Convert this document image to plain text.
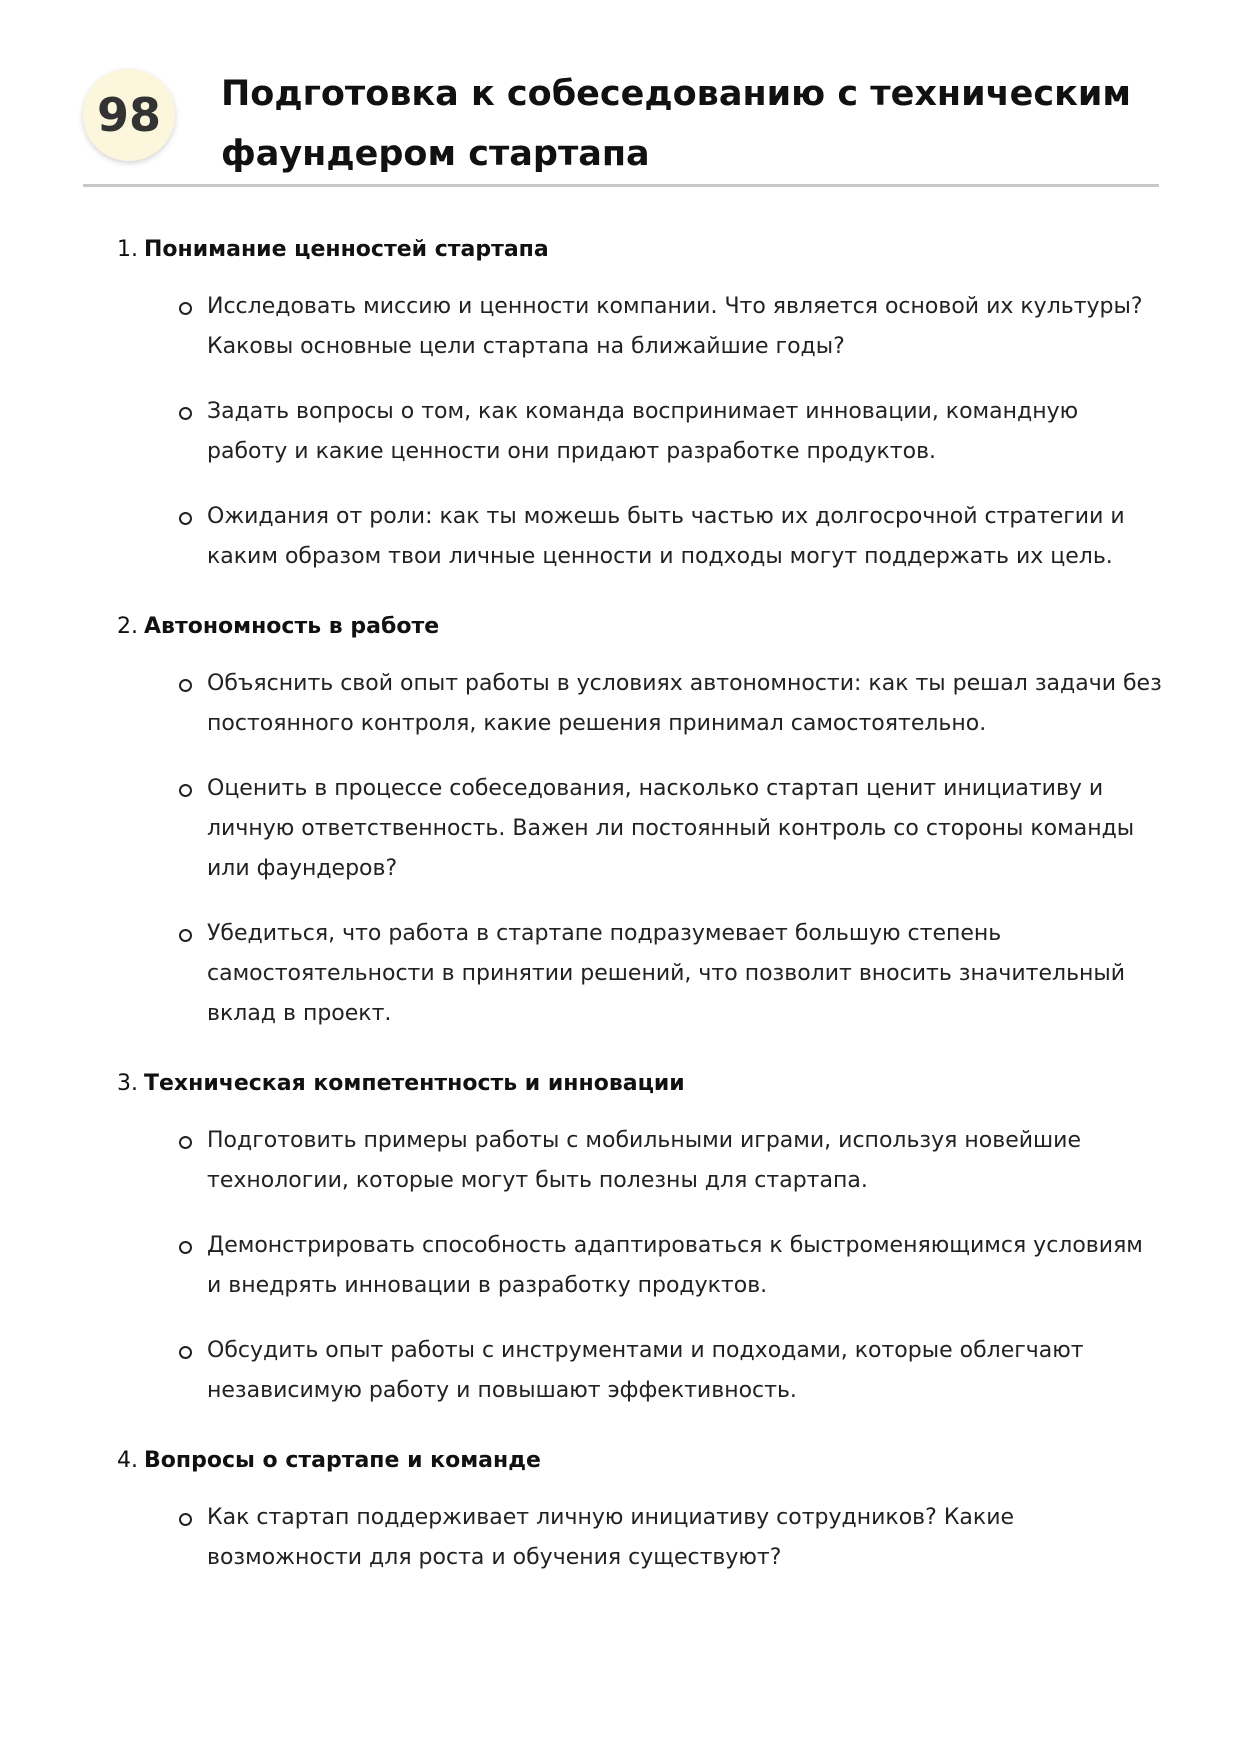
98	Подготовка к собеседованию с техническим фаундером стартапа

1. Понимание ценностей стартапа

Исследовать миссию и ценности компании. Что является основой их культуры? Каковы основные цели стартапа на ближайшие годы?
Задать вопросы о том, как команда воспринимает инновации, командную работу и какие ценности они придают разработке продуктов.
Ожидания от роли: как ты можешь быть частью их долгосрочной стратегии и каким образом твои личные ценности и подходы могут поддержать их цель.

2. Автономность в работе

Объяснить свой опыт работы в условиях автономности: как ты решал задачи без постоянного контроля, какие решения принимал самостоятельно.
Оценить в процессе собеседования, насколько стартап ценит инициативу и личную ответственность. Важен ли постоянный контроль со стороны команды или фаундеров?
Убедиться, что работа в стартапе подразумевает большую степень самостоятельности в принятии решений, что позволит вносить значительный вклад в проект.

3. Техническая компетентность и инновации

Подготовить примеры работы с мобильными играми, используя новейшие технологии, которые могут быть полезны для стартапа.
Демонстрировать способность адаптироваться к быстроменяющимся условиям и внедрять инновации в разработку продуктов.
Обсудить опыт работы с инструментами и подходами, которые облегчают независимую работу и повышают эффективность.

4. Вопросы о стартапе и команде

Как стартап поддерживает личную инициативу сотрудников? Какие возможности для роста и обучения существуют?
